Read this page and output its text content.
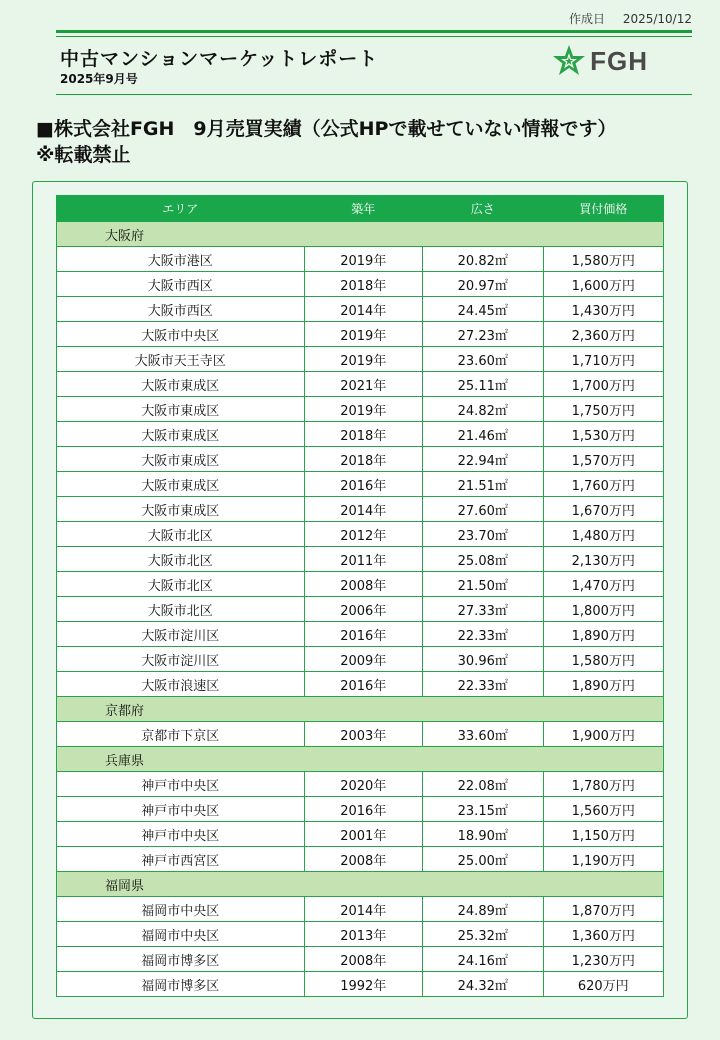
作成日 2025/10/12
中古マンションマーケットレポート
2025年9月号
FGH
■株式会社FGH　9月売買実績（公式HPで載せていない情報です）
※転載禁止
エリア	築年	広さ	買付価格
大阪府			
大阪市港区	2019年	20.82㎡	1,580万円
大阪市西区	2018年	20.97㎡	1,600万円
大阪市西区	2014年	24.45㎡	1,430万円
大阪市中央区	2019年	27.23㎡	2,360万円
大阪市天王寺区	2019年	23.60㎡	1,710万円
大阪市東成区	2021年	25.11㎡	1,700万円
大阪市東成区	2019年	24.82㎡	1,750万円
大阪市東成区	2018年	21.46㎡	1,530万円
大阪市東成区	2018年	22.94㎡	1,570万円
大阪市東成区	2016年	21.51㎡	1,760万円
大阪市東成区	2014年	27.60㎡	1,670万円
大阪市北区	2012年	23.70㎡	1,480万円
大阪市北区	2011年	25.08㎡	2,130万円
大阪市北区	2008年	21.50㎡	1,470万円
大阪市北区	2006年	27.33㎡	1,800万円
大阪市淀川区	2016年	22.33㎡	1,890万円
大阪市淀川区	2009年	30.96㎡	1,580万円
大阪市浪速区	2016年	22.33㎡	1,890万円
京都府			
京都市下京区	2003年	33.60㎡	1,900万円
兵庫県			
神戸市中央区	2020年	22.08㎡	1,780万円
神戸市中央区	2016年	23.15㎡	1,560万円
神戸市中央区	2001年	18.90㎡	1,150万円
神戸市西宮区	2008年	25.00㎡	1,190万円
福岡県			
福岡市中央区	2014年	24.89㎡	1,870万円
福岡市中央区	2013年	25.32㎡	1,360万円
福岡市博多区	2008年	24.16㎡	1,230万円
福岡市博多区	1992年	24.32㎡	620万円
